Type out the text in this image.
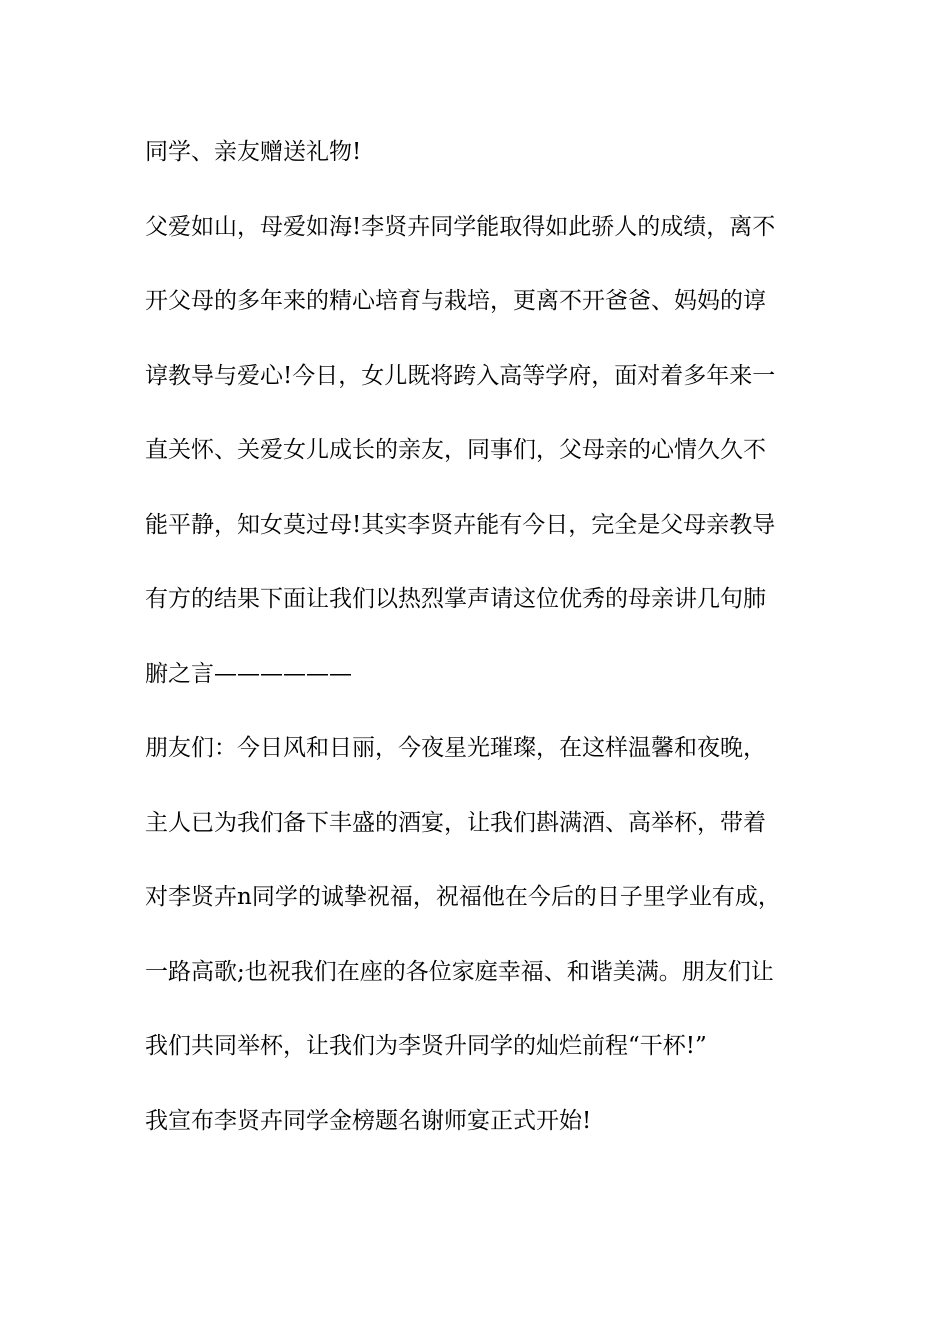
同学、亲友赠送礼物!
父爱如山，母爱如海!李贤卉同学能取得如此骄人的成绩，离不
开父母的多年来的精心培育与栽培，更离不开爸爸、妈妈的谆
谆教导与爱心!今日，女儿既将跨入高等学府，面对着多年来一
直关怀、关爱女儿成长的亲友，同事们，父母亲的心情久久不
能平静，知女莫过母!其实李贤卉能有今日，完全是父母亲教导
有方的结果下面让我们以热烈掌声请这位优秀的母亲讲几句肺
腑之言——————
朋友们：今日风和日丽，今夜星光璀璨，在这样温馨和夜晚，
主人已为我们备下丰盛的酒宴，让我们斟满酒、高举杯，带着
对李贤卉n同学的诚挚祝福，祝福他在今后的日子里学业有成，
一路高歌;也祝我们在座的各位家庭幸福、和谐美满。朋友们让
我们共同举杯，让我们为李贤升同学的灿烂前程“干杯!”
我宣布李贤卉同学金榜题名谢师宴正式开始!
